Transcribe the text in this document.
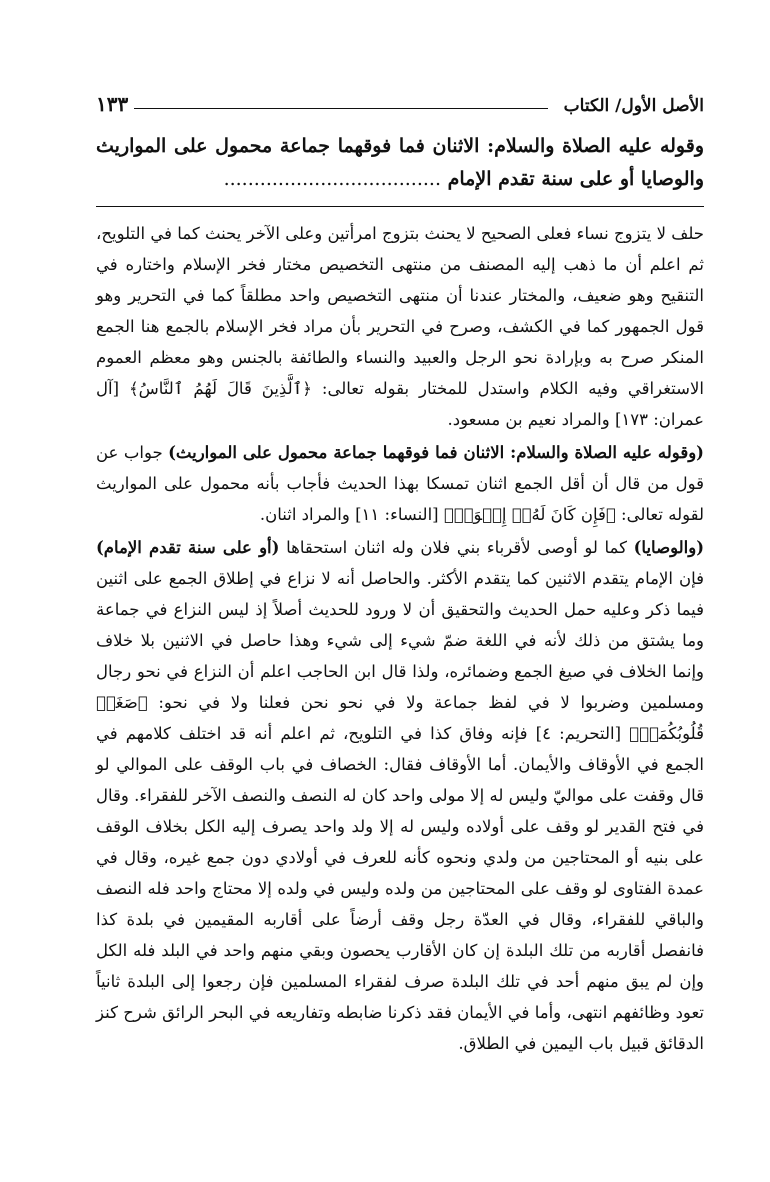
الأصل الأول/ الكتاب
١٣٣
وقوله عليه الصلاة والسلام: الاثنان فما فوقهما جماعة محمول على المواريث والوصايا أو على سنة تقدم الإمام ....................................

حلف لا يتزوج نساء فعلى الصحيح لا يحنث بتزوج امرأتين وعلى الآخر يحنث كما في التلويح، ثم اعلم أن ما ذهب إليه المصنف من منتهى التخصيص مختار فخر الإسلام واختاره في التنقيح وهو ضعيف، والمختار عندنا أن منتهى التخصيص واحد مطلقاً كما في التحرير وهو قول الجمهور كما في الكشف، وصرح في التحرير بأن مراد فخر الإسلام بالجمع هنا الجمع المنكر صرح به وبإرادة نحو الرجل والعبيد والنساء والطائفة بالجنس وهو معظم العموم الاستغراقي وفيه الكلام واستدل للمختار بقوله تعالى: ﴿ٱلَّذِينَ قَالَ لَهُمُ ٱلنَّاسُ﴾ [آل عمران: ١٧٣] والمراد نعيم بن مسعود.

(وقوله عليه الصلاة والسلام: الاثنان فما فوقهما جماعة محمول على المواريث) جواب عن قول من قال أن أقل الجمع اثنان تمسكا بهذا الحديث فأجاب بأنه محمول على المواريث لقوله تعالى: ﴿فَإِن كَانَ لَهُۥٓ إِخۡوَةٞ﴾ [النساء: ١١] والمراد اثنان.

(والوصايا) كما لو أوصى لأقرباء بني فلان وله اثنان استحقاها (أو على سنة تقدم الإمام) فإن الإمام يتقدم الاثنين كما يتقدم الأكثر. والحاصل أنه لا نزاع في إطلاق الجمع على اثنين فيما ذكر وعليه حمل الحديث والتحقيق أن لا ورود للحديث أصلاً إذ ليس النزاع في جماعة وما يشتق من ذلك لأنه في اللغة ضمّ شيء إلى شيء وهذا حاصل في الاثنين بلا خلاف وإنما الخلاف في صيغ الجمع وضمائره، ولذا قال ابن الحاجب اعلم أن النزاع في نحو رجال ومسلمين وضربوا لا في لفظ جماعة ولا في نحو نحن فعلنا ولا في نحو: ﴿صَغَتۡ قُلُوبُكُمَاۖ﴾ [التحريم: ٤] فإنه وفاق كذا في التلويح، ثم اعلم أنه قد اختلف كلامهم في الجمع في الأوقاف والأيمان. أما الأوقاف فقال: الخصاف في باب الوقف على الموالي لو قال وقفت على مواليّ وليس له إلا مولى واحد كان له النصف والنصف الآخر للفقراء. وقال في فتح القدير لو وقف على أولاده وليس له إلا ولد واحد يصرف إليه الكل بخلاف الوقف على بنيه أو المحتاجين من ولدي ونحوه كأنه للعرف في أولادي دون جمع غيره، وقال في عمدة الفتاوى لو وقف على المحتاجين من ولده وليس في ولده إلا محتاج واحد فله النصف والباقي للفقراء، وقال في العدّة رجل وقف أرضاً على أقاربه المقيمين في بلدة كذا فانفصل أقاربه من تلك البلدة إن كان الأقارب يحصون وبقي منهم واحد في البلد فله الكل وإن لم يبق منهم أحد في تلك البلدة صرف لفقراء المسلمين فإن رجعوا إلى البلدة ثانياً تعود وظائفهم انتهى، وأما في الأيمان فقد ذكرنا ضابطه وتفاريعه في البحر الرائق شرح كنز الدقائق قبيل باب اليمين في الطلاق.
